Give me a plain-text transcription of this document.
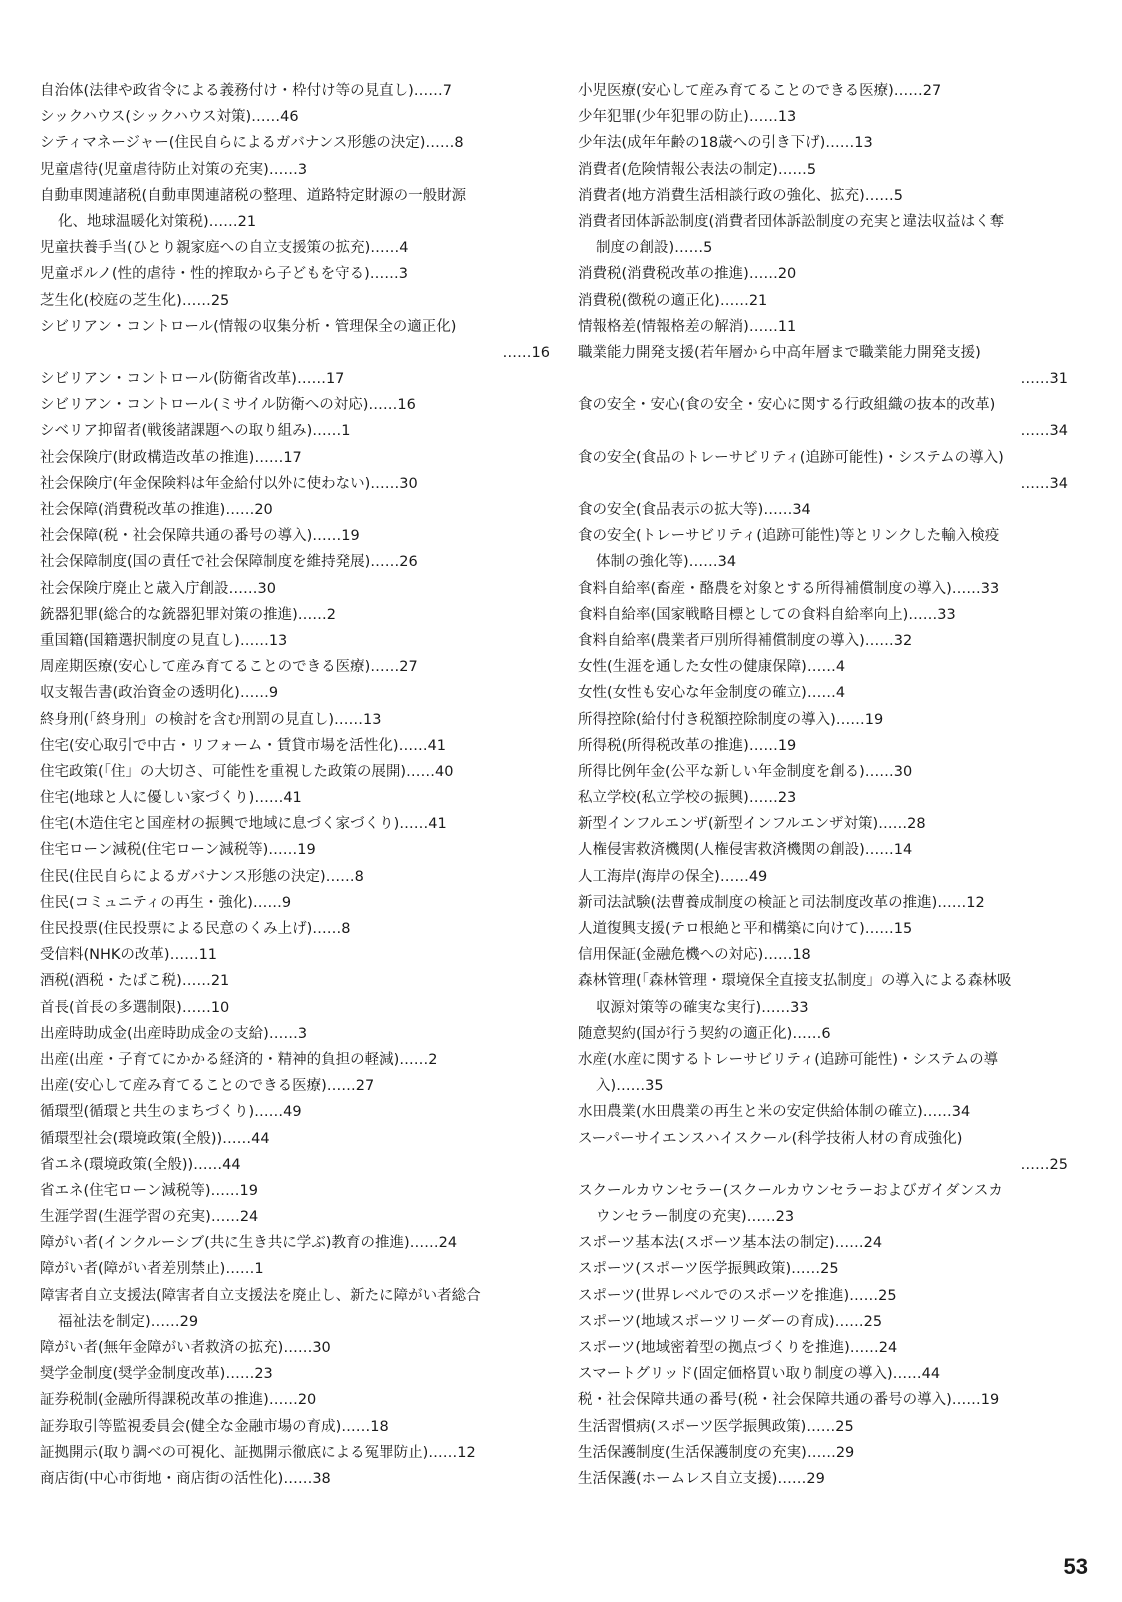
自治体(法律や政省令による義務付け・枠付け等の見直し)……7
シックハウス(シックハウス対策)……46
シティマネージャー(住民自らによるガバナンス形態の決定)……8
児童虐待(児童虐待防止対策の充実)……3
自動車関連諸税(自動車関連諸税の整理、道路特定財源の一般財源
化、地球温暖化対策税)……21
児童扶養手当(ひとり親家庭への自立支援策の拡充)……4
児童ポルノ(性的虐待・性的搾取から子どもを守る)……3
芝生化(校庭の芝生化)……25
シビリアン・コントロール(情報の収集分析・管理保全の適正化)
……16
シビリアン・コントロール(防衛省改革)……17
シビリアン・コントロール(ミサイル防衛への対応)……16
シベリア抑留者(戦後諸課題への取り組み)……1
社会保険庁(財政構造改革の推進)……17
社会保険庁(年金保険料は年金給付以外に使わない)……30
社会保障(消費税改革の推進)……20
社会保障(税・社会保障共通の番号の導入)……19
社会保障制度(国の責任で社会保障制度を維持発展)……26
社会保険庁廃止と歳入庁創設……30
銃器犯罪(総合的な銃器犯罪対策の推進)……2
重国籍(国籍選択制度の見直し)……13
周産期医療(安心して産み育てることのできる医療)……27
収支報告書(政治資金の透明化)……9
終身刑(「終身刑」の検討を含む刑罰の見直し)……13
住宅(安心取引で中古・リフォーム・賃貸市場を活性化)……41
住宅政策(「住」の大切さ、可能性を重視した政策の展開)……40
住宅(地球と人に優しい家づくり)……41
住宅(木造住宅と国産材の振興で地域に息づく家づくり)……41
住宅ローン減税(住宅ローン減税等)……19
住民(住民自らによるガバナンス形態の決定)……8
住民(コミュニティの再生・強化)……9
住民投票(住民投票による民意のくみ上げ)……8
受信料(NHKの改革)……11
酒税(酒税・たばこ税)……21
首長(首長の多選制限)……10
出産時助成金(出産時助成金の支給)……3
出産(出産・子育てにかかる経済的・精神的負担の軽減)……2
出産(安心して産み育てることのできる医療)……27
循環型(循環と共生のまちづくり)……49
循環型社会(環境政策(全般))……44
省エネ(環境政策(全般))……44
省エネ(住宅ローン減税等)……19
生涯学習(生涯学習の充実)……24
障がい者(インクルーシブ(共に生き共に学ぶ)教育の推進)……24
障がい者(障がい者差別禁止)……1
障害者自立支援法(障害者自立支援法を廃止し、新たに障がい者総合
福祉法を制定)……29
障がい者(無年金障がい者救済の拡充)……30
奨学金制度(奨学金制度改革)……23
証券税制(金融所得課税改革の推進)……20
証券取引等監視委員会(健全な金融市場の育成)……18
証拠開示(取り調べの可視化、証拠開示徹底による冤罪防止)……12
商店街(中心市街地・商店街の活性化)……38
小児医療(安心して産み育てることのできる医療)……27
少年犯罪(少年犯罪の防止)……13
少年法(成年年齢の18歳への引き下げ)……13
消費者(危険情報公表法の制定)……5
消費者(地方消費生活相談行政の強化、拡充)……5
消費者団体訴訟制度(消費者団体訴訟制度の充実と違法収益はく奪
制度の創設)……5
消費税(消費税改革の推進)……20
消費税(徴税の適正化)……21
情報格差(情報格差の解消)……11
職業能力開発支援(若年層から中高年層まで職業能力開発支援)
……31
食の安全・安心(食の安全・安心に関する行政組織の抜本的改革)
……34
食の安全(食品のトレーサビリティ(追跡可能性)・システムの導入)
……34
食の安全(食品表示の拡大等)……34
食の安全(トレーサビリティ(追跡可能性)等とリンクした輸入検疫
体制の強化等)……34
食料自給率(畜産・酪農を対象とする所得補償制度の導入)……33
食料自給率(国家戦略目標としての食料自給率向上)……33
食料自給率(農業者戸別所得補償制度の導入)……32
女性(生涯を通した女性の健康保障)……4
女性(女性も安心な年金制度の確立)……4
所得控除(給付付き税額控除制度の導入)……19
所得税(所得税改革の推進)……19
所得比例年金(公平な新しい年金制度を創る)……30
私立学校(私立学校の振興)……23
新型インフルエンザ(新型インフルエンザ対策)……28
人権侵害救済機関(人権侵害救済機関の創設)……14
人工海岸(海岸の保全)……49
新司法試験(法曹養成制度の検証と司法制度改革の推進)……12
人道復興支援(テロ根絶と平和構築に向けて)……15
信用保証(金融危機への対応)……18
森林管理(「森林管理・環境保全直接支払制度」の導入による森林吸
収源対策等の確実な実行)……33
随意契約(国が行う契約の適正化)……6
水産(水産に関するトレーサビリティ(追跡可能性)・システムの導
入)……35
水田農業(水田農業の再生と米の安定供給体制の確立)……34
スーパーサイエンスハイスクール(科学技術人材の育成強化)
……25
スクールカウンセラー(スクールカウンセラーおよびガイダンスカ
ウンセラー制度の充実)……23
スポーツ基本法(スポーツ基本法の制定)……24
スポーツ(スポーツ医学振興政策)……25
スポーツ(世界レベルでのスポーツを推進)……25
スポーツ(地域スポーツリーダーの育成)……25
スポーツ(地域密着型の拠点づくりを推進)……24
スマートグリッド(固定価格買い取り制度の導入)……44
税・社会保障共通の番号(税・社会保障共通の番号の導入)……19
生活習慣病(スポーツ医学振興政策)……25
生活保護制度(生活保護制度の充実)……29
生活保護(ホームレス自立支援)……29
53
